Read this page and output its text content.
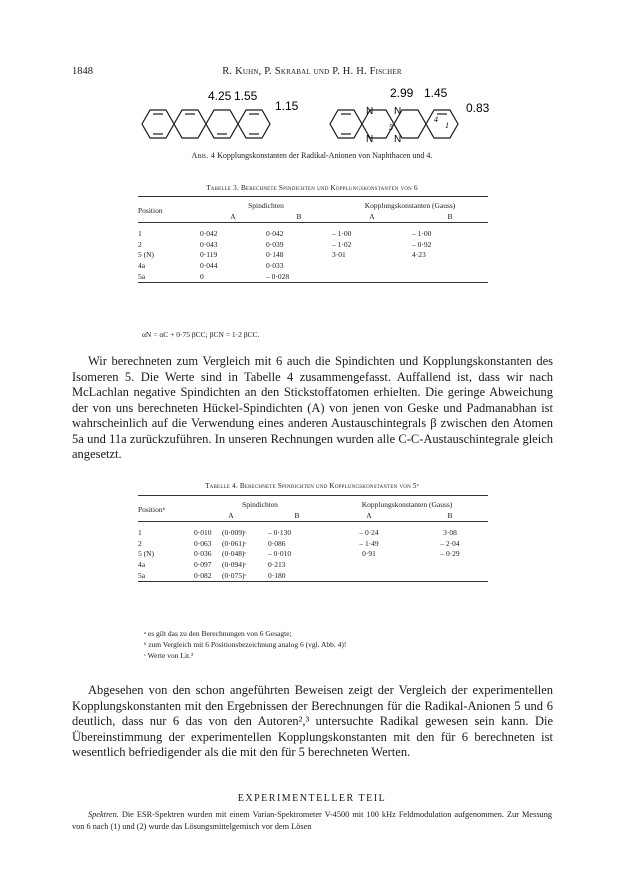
1848	R. Kuhn, P. Skrabal und P. H. H. Fischer
4.25 1.55
1.15
2.99 1.45
0.83
N N
N N
5
4
1
Abb. 4 Kopplungskonstanten der Radikal-Anionen von Naphthacen und 4.
Tabelle 3. Berechnete Spindichten und Kopplungskonstanten von 6

Position	Spindichten		Kopplungskonstanten (Gauss)	
	A	B	A	B

1	0·042	0·042	– 1·00	– 1·00
2	0·043	0·039	– 1·02	– 0·92
5 (N)	0·119	0·148	3·01	4·23
4a	0·044	0·033		
5a	0	– 0·028		

αN = αC + 0·75 βCC; βCN = 1·2 βCC.

Wir berechneten zum Vergleich mit 6 auch die Spindichten und Kopplungskonstanten des Isomeren 5. Die Werte sind in Tabelle 4 zusammengefasst. Auffallend ist, dass wir nach McLachlan negative Spindichten an den Stickstoffatomen erhielten. Die geringe Abweichung der von uns berechneten Hückel-Spindichten (A) von jenen von Geske und Padmanabhan ist wahrscheinlich auf die Verwendung eines anderen Austauschintegrals β zwischen den Atomen 5a und 11a zurückzuführen. In unseren Rechnungen wurden alle C-C-Austauschintegrale gleich angesetzt.

Tabelle 4. Berechnete Spindichten und Kopplungskonstanten von 5ᵃ

Positionᵇ	Spindichten			Kopplungskonstanten (Gauss)	
	A		B	A	B

1	0·010	(0·009)ᶜ	– 0·130	– 0·24	3·08
2	0·063	(0·061)ᶜ	0·086	– 1·49	– 2·04
5 (N)	0·036	(0·048)ᶜ	– 0·010	0·91	– 0·29
4a	0·097	(0·094)ᶜ	0·213		
5a	0·082	(0·075)ᶜ	0·180		

ᵃ es gilt das zu den Berechnungen von 6 Gesagte;
ᵇ zum Vergleich mit 6 Positionsbezeichnung analog 6 (vgl. Abb. 4)!
ᶜ Werte von Lit.²

Abgesehen von den schon angeführten Beweisen zeigt der Vergleich der experimentellen Kopplungskonstanten mit den Ergebnissen der Berechnungen für die Radikal-Anionen 5 und 6 deutlich, dass nur 6 das von den Autoren²,³ untersuchte Radikal gewesen sein kann. Die Übereinstimmung der experimentellen Kopplungskonstanten mit den für 6 berechneten ist wesentlich befriedigender als die mit den für 5 berechneten Werten.

EXPERIMENTELLER TEIL
Spektren. Die ESR-Spektren wurden mit einem Varian-Spektrometer V-4500 mit 100 kHz Feldmodulation aufgenommen. Zur Messung von 6 nach (1) und (2) wurde das Lösungsmittelgemisch vor dem Lösen
